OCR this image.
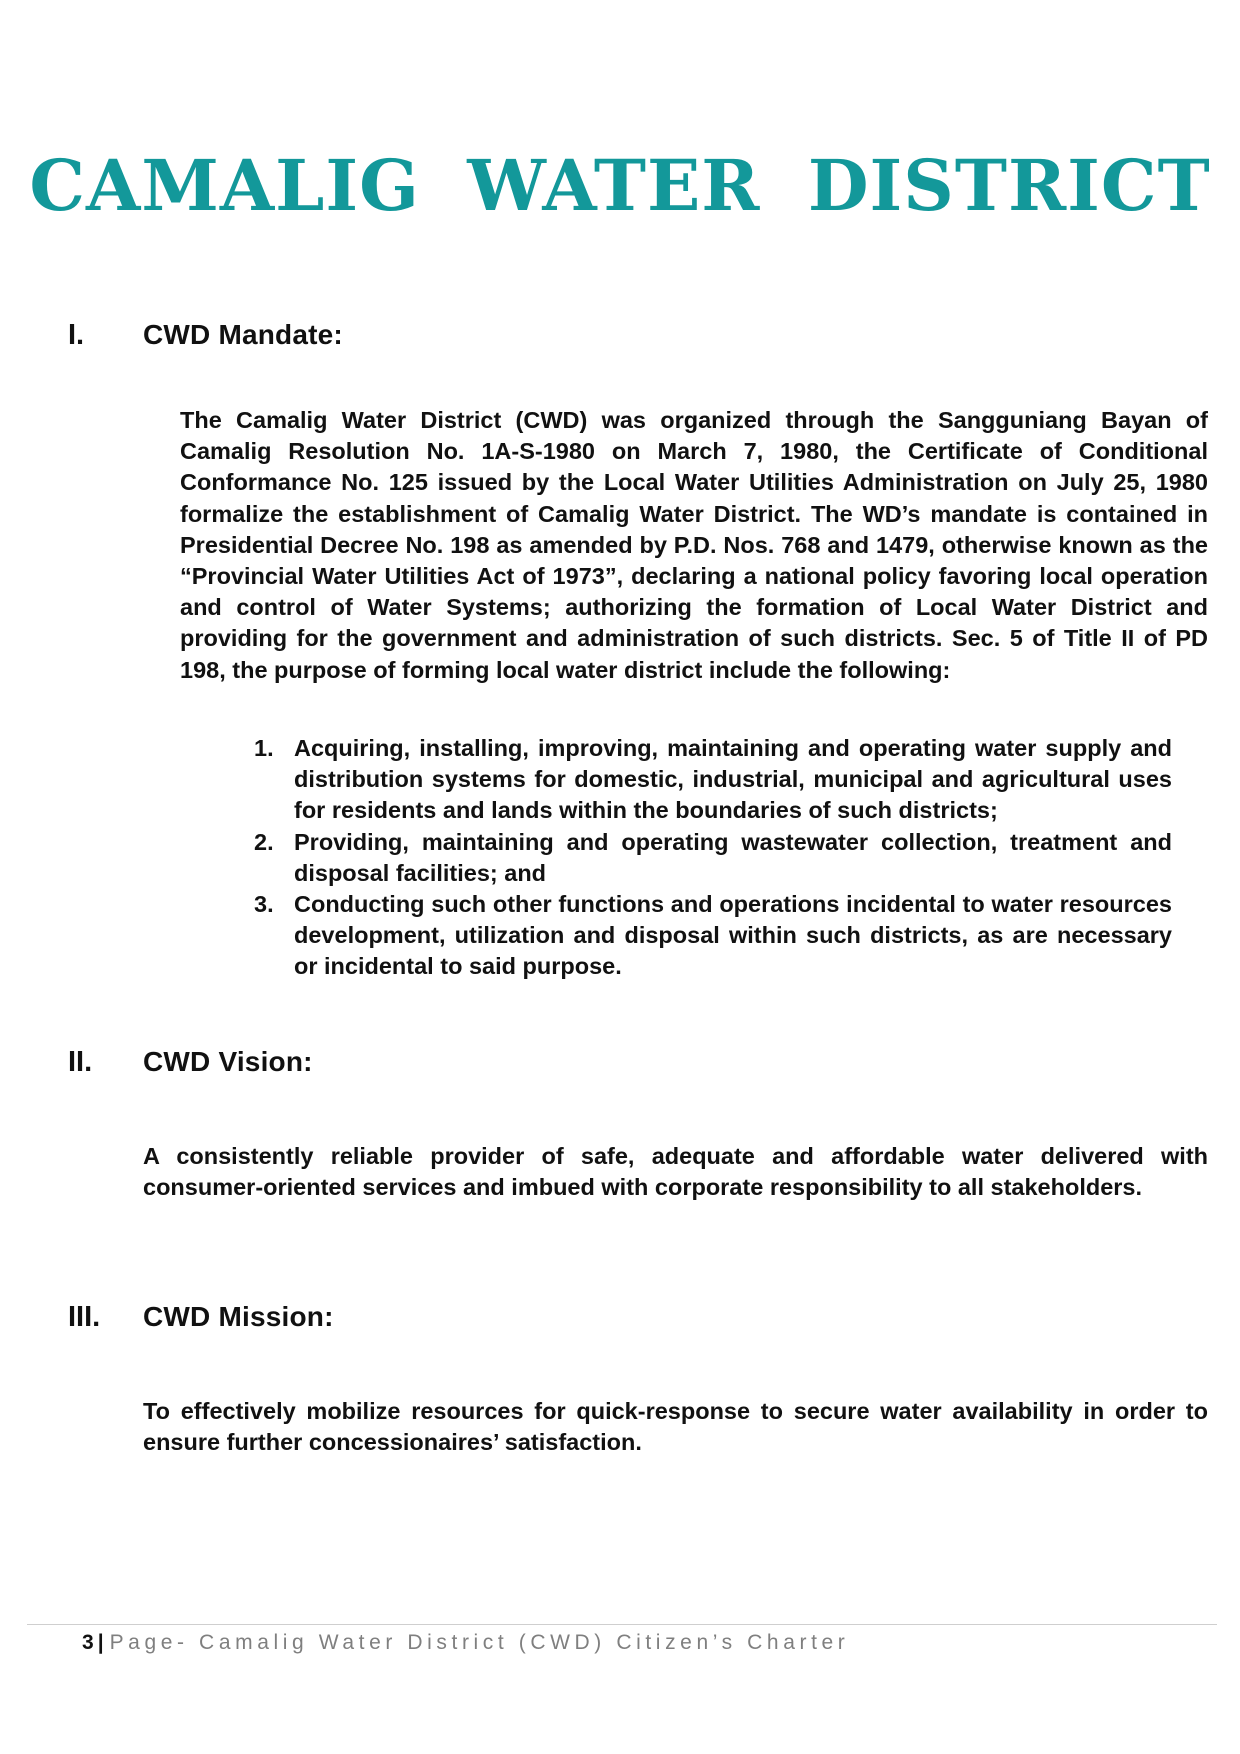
CAMALIG WATER DISTRICT
I. CWD Mandate:

The Camalig Water District (CWD) was organized through the Sangguniang Bayan of Camalig Resolution No. 1A-S-1980 on March 7, 1980, the Certificate of Conditional Conformance No. 125 issued by the Local Water Utilities Administration on July 25, 1980 formalize the establishment of Camalig Water District. The WD’s mandate is contained in Presidential Decree No. 198 as amended by P.D. Nos. 768 and 1479, otherwise known as the “Provincial Water Utilities Act of 1973”, declaring a national policy favoring local operation and control of Water Systems; authorizing the formation of Local Water District and providing for the government and administration of such districts. Sec. 5 of Title II of PD 198, the purpose of forming local water district include the following:

1. Acquiring, installing, improving, maintaining and operating water supply and distribution systems for domestic, industrial, municipal and agricultural uses for residents and lands within the boundaries of such districts;
2. Providing, maintaining and operating wastewater collection, treatment and disposal facilities; and
3. Conducting such other functions and operations incidental to water resources development, utilization and disposal within such districts, as are necessary or incidental to said purpose.
II. CWD Vision:

A consistently reliable provider of safe, adequate and affordable water delivered with consumer-oriented services and imbued with corporate responsibility to all stakeholders.

III. CWD Mission:

To effectively mobilize resources for quick-response to secure water availability in order to ensure further concessionaires’ satisfaction.

3 | Page- Camalig Water District (CWD) Citizen’s Charter
